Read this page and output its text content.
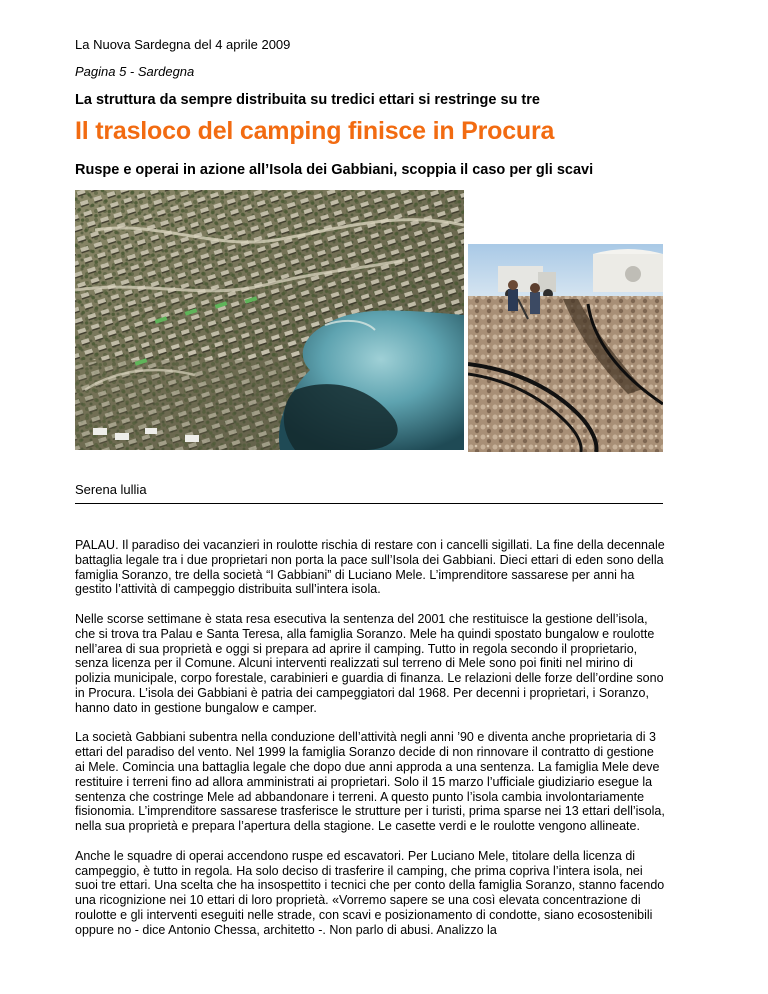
La Nuova Sardegna del 4 aprile 2009
Pagina 5 - Sardegna
La struttura da sempre distribuita su tredici ettari si restringe su tre
Il trasloco del camping finisce in Procura
Ruspe e operai in azione all’Isola dei Gabbiani, scoppia il caso per gli scavi
Serena lullia

PALAU. Il paradiso dei vacanzieri in roulotte rischia di restare con i cancelli sigillati. La fine della decennale battaglia legale tra i due proprietari non porta la pace sull’Isola dei Gabbiani. Dieci ettari di eden sono della famiglia Soranzo, tre della società “I Gabbiani” di Luciano Mele. L’imprenditore sassarese per anni ha gestito l’attività di campeggio distribuita sull’intera isola.

Nelle scorse settimane è stata resa esecutiva la sentenza del 2001 che restituisce la gestione dell’isola, che si trova tra Palau e Santa Teresa, alla famiglia Soranzo. Mele ha quindi spostato bungalow e roulotte nell’area di sua proprietà e oggi si prepara ad aprire il camping. Tutto in regola secondo il proprietario, senza licenza per il Comune. Alcuni interventi realizzati sul terreno di Mele sono poi finiti nel mirino di polizia municipale, corpo forestale, carabinieri e guardia di finanza. Le relazioni delle forze dell’ordine sono in Procura. L’isola dei Gabbiani è patria dei campeggiatori dal 1968. Per decenni i proprietari, i Soranzo, hanno dato in gestione bungalow e camper.

La società Gabbiani subentra nella conduzione dell’attività negli anni ’90 e diventa anche proprietaria di 3 ettari del paradiso del vento. Nel 1999 la famiglia Soranzo decide di non rinnovare il contratto di gestione ai Mele. Comincia una battaglia legale che dopo due anni approda a una sentenza. La famiglia Mele deve restituire i terreni fino ad allora amministrati ai proprietari. Solo il 15 marzo l’ufficiale giudiziario esegue la sentenza che costringe Mele ad abbandonare i terreni. A questo punto l’isola cambia involontariamente fisionomia. L’imprenditore sassarese trasferisce le strutture per i turisti, prima sparse nei 13 ettari dell’isola, nella sua proprietà e prepara l’apertura della stagione. Le casette verdi e le roulotte vengono allineate.

Anche le squadre di operai accendono ruspe ed escavatori. Per Luciano Mele, titolare della licenza di campeggio, è tutto in regola. Ha solo deciso di trasferire il camping, che prima copriva l’intera isola, nei suoi tre ettari. Una scelta che ha insospettito i tecnici che per conto della famiglia Soranzo, stanno facendo una ricognizione nei 10 ettari di loro proprietà. «Vorremo sapere se una così elevata concentrazione di roulotte e gli interventi eseguiti nelle strade, con scavi e posizionamento di condotte, siano ecosostenibili oppure no - dice Antonio Chessa, architetto -. Non parlo di abusi. Analizzo la
